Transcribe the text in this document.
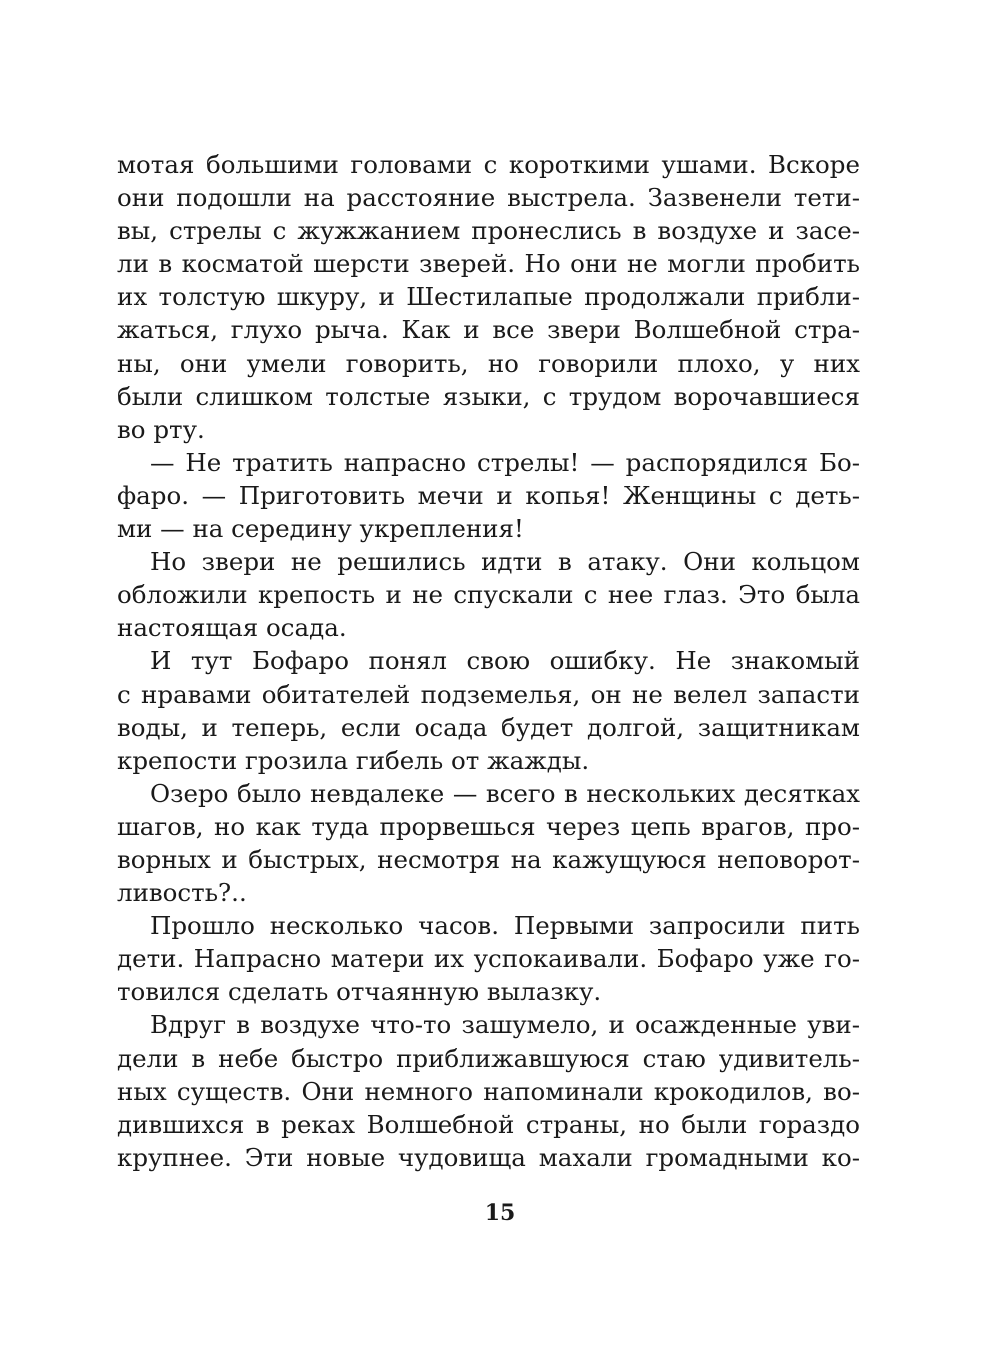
мотая большими головами с короткими ушами. Вскоре
они подошли на расстояние выстрела. Зазвенели тети-
вы, стрелы с жужжанием пронеслись в воздухе и засе-
ли в косматой шерсти зверей. Но они не могли пробить
их толстую шкуру, и Шестилапые продолжали прибли-
жаться, глухо рыча. Как и все звери Волшебной стра-
ны, они умели говорить, но говорили плохо, у них
были слишком толстые языки, с трудом ворочавшиеся
во рту.
— Не тратить напрасно стрелы! — распорядился Бо-
фаро. — Приготовить мечи и копья! Женщины с деть-
ми — на середину укрепления!
Но звери не решились идти в атаку. Они кольцом
обложили крепость и не спускали с нее глаз. Это была
настоящая осада.
И тут Бофаро понял свою ошибку. Не знакомый
с нравами обитателей подземелья, он не велел запасти
воды, и теперь, если осада будет долгой, защитникам
крепости грозила гибель от жажды.
Озеро было невдалеке — всего в нескольких десятках
шагов, но как туда прорвешься через цепь врагов, про-
ворных и быстрых, несмотря на кажущуюся неповорот-
ливость?..
Прошло несколько часов. Первыми запросили пить
дети. Напрасно матери их успокаивали. Бофаро уже го-
товился сделать отчаянную вылазку.
Вдруг в воздухе что-то зашумело, и осажденные уви-
дели в небе быстро приближавшуюся стаю удивитель-
ных существ. Они немного напоминали крокодилов, во-
дившихся в реках Волшебной страны, но были гораздо
крупнее. Эти новые чудовища махали громадными ко-
15
